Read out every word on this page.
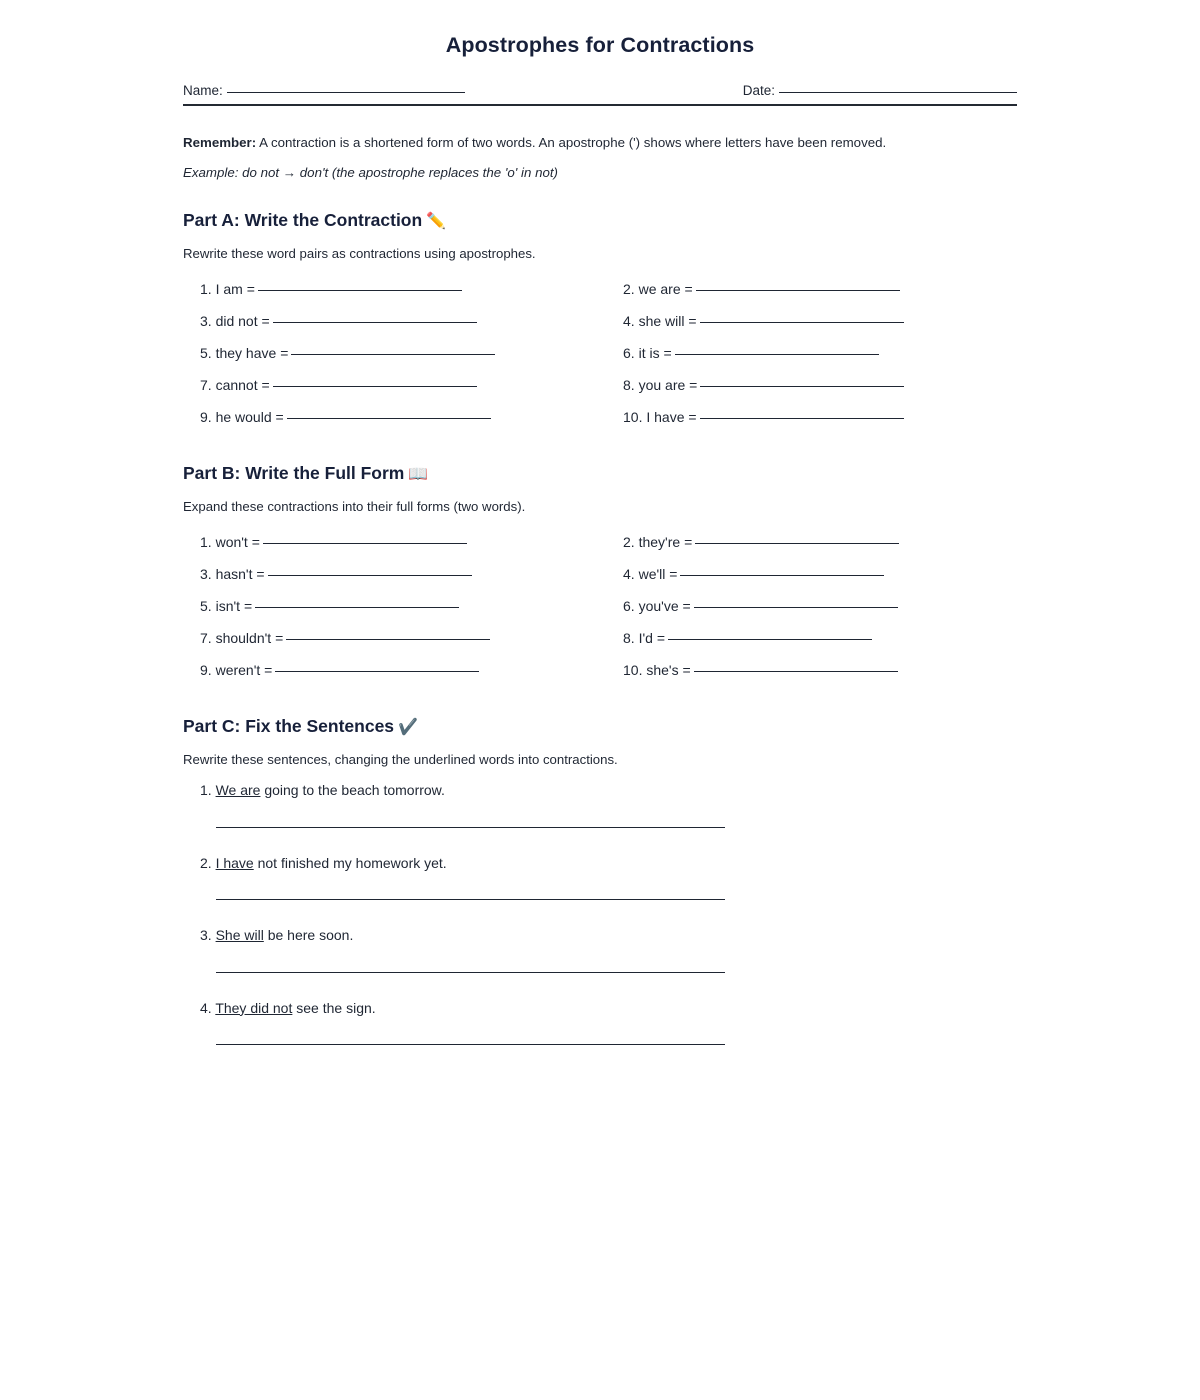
Apostrophes for Contractions
Name:	Date:
Remember: A contraction is a shortened form of two words. An apostrophe (') shows where letters have been removed.
Example: do not → don't (the apostrophe replaces the 'o' in not)
Part A: Write the Contraction ✏️
Rewrite these word pairs as contractions using apostrophes.
1. I am =	2. we are =
3. did not =	4. she will =
5. they have =	6. it is =
7. cannot =	8. you are =
9. he would =	10. I have =
Part B: Write the Full Form 📖
Expand these contractions into their full forms (two words).
1. won't =	2. they're =
3. hasn't =	4. we'll =
5. isn't =	6. you've =
7. shouldn't =	8. I'd =
9. weren't =	10. she's =
Part C: Fix the Sentences ✔️
Rewrite these sentences, changing the underlined words into contractions.
1. We are going to the beach tomorrow.
2. I have not finished my homework yet.
3. She will be here soon.
4. They did not see the sign.
